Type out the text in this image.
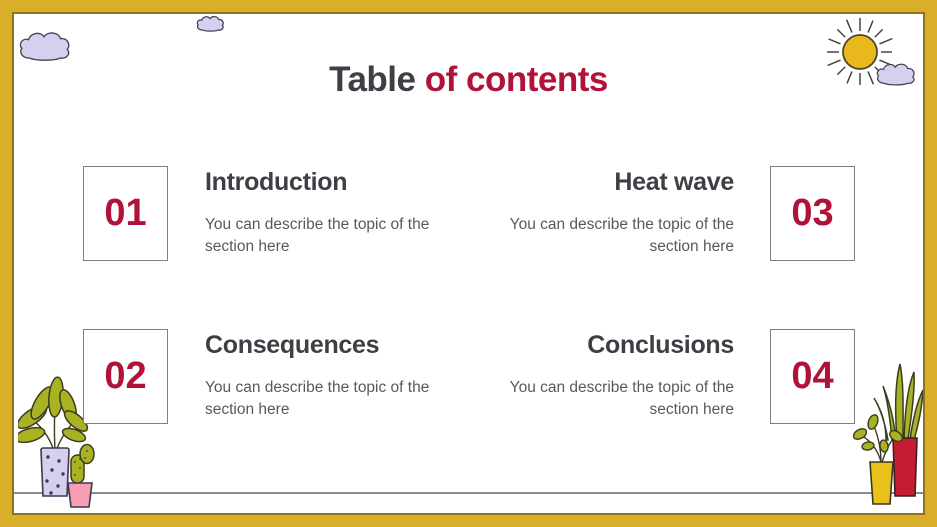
Table of contents
01
Introduction
You can describe the topic of the section here
Heat wave
You can describe the topic of the section here
03
02
Consequences
You can describe the topic of the section here
Conclusions
You can describe the topic of the section here
04
